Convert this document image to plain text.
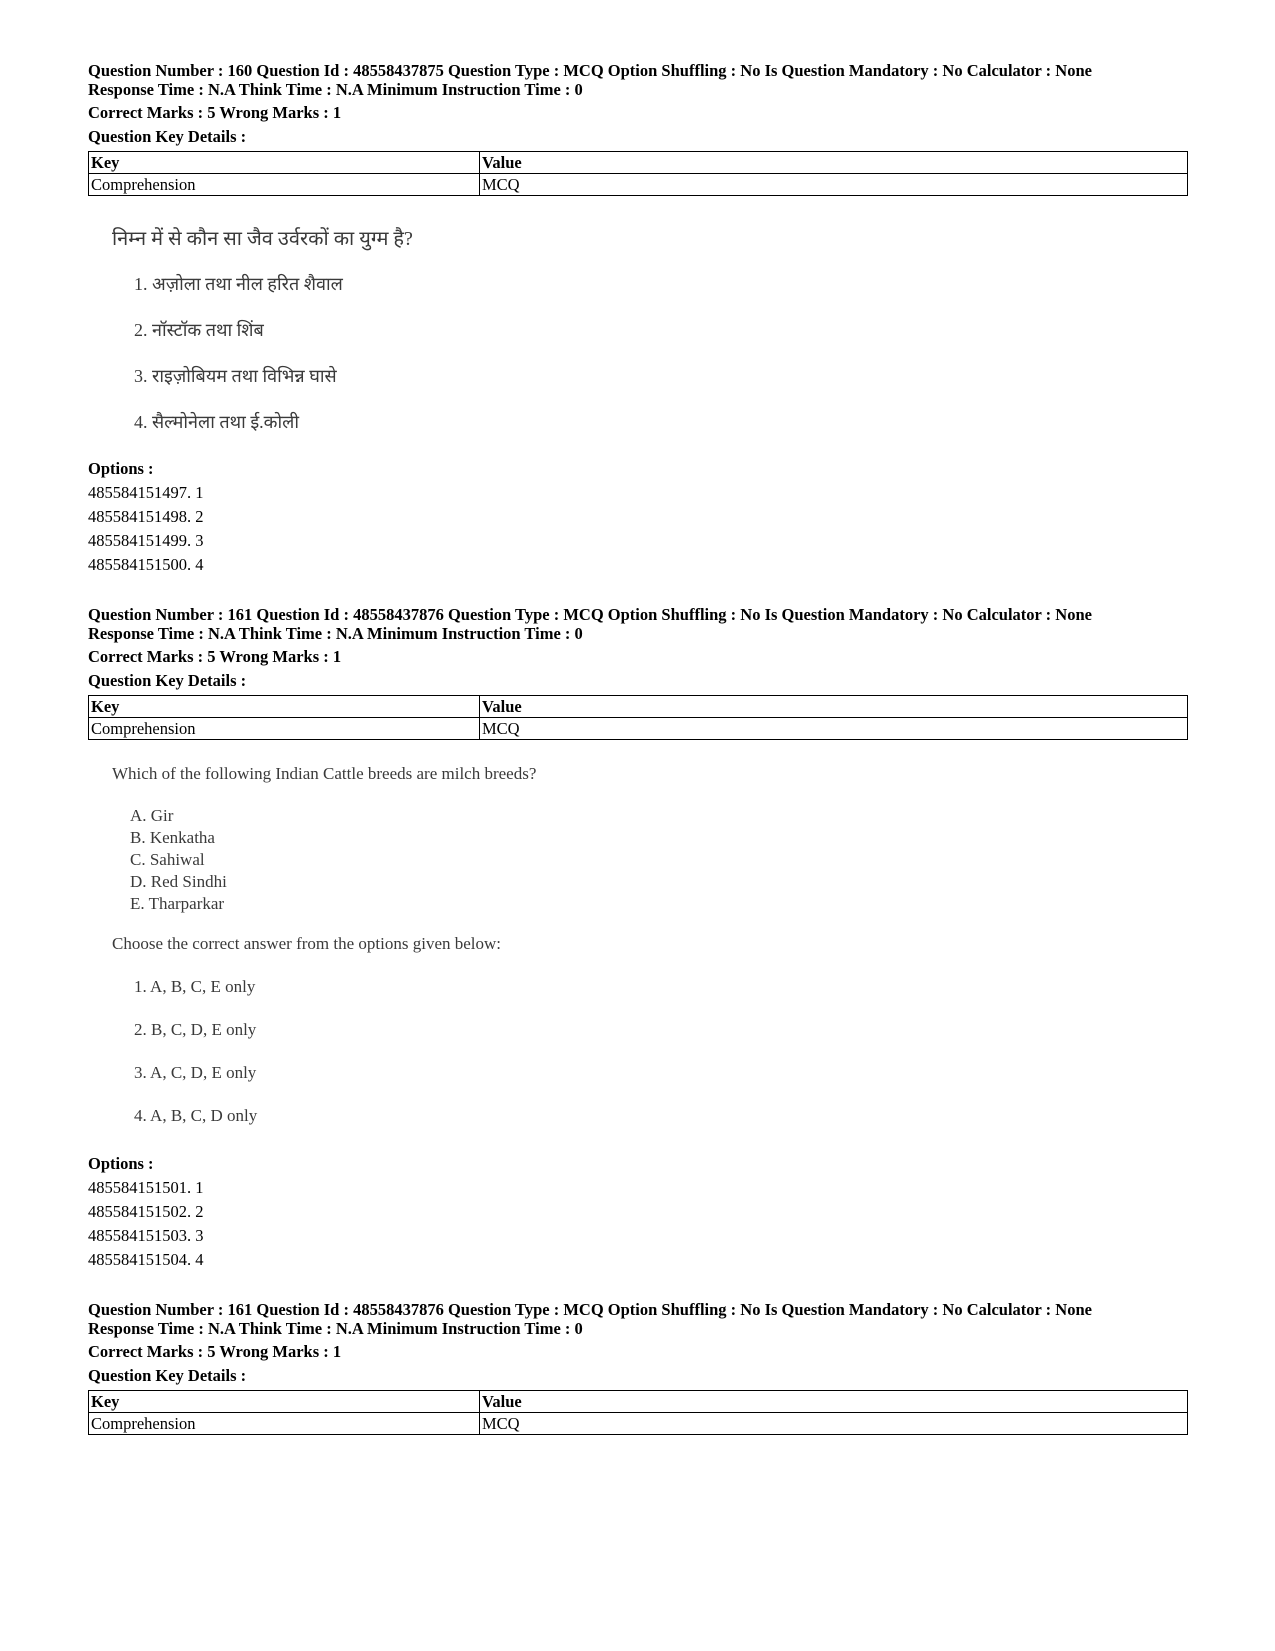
Question Number : 160 Question Id : 48558437875 Question Type : MCQ Option Shuffling : No Is Question Mandatory : No Calculator : None

Response Time : N.A Think Time : N.A Minimum Instruction Time : 0

Correct Marks : 5 Wrong Marks : 1
Question Key Details :
Key	Value
Comprehension	MCQ
निम्न में से कौन सा जैव उर्वरकों का युग्म है?
1. अज़ोला तथा नील हरित शैवाल
2. नॉस्टॉक तथा शिंब
3. राइज़ोबियम तथा विभिन्न घासे
4. सैल्मोनेला तथा ई.कोली
Options :
485584151497. 1
485584151498. 2
485584151499. 3
485584151500. 4

Question Number : 161 Question Id : 48558437876 Question Type : MCQ Option Shuffling : No Is Question Mandatory : No Calculator : None

Response Time : N.A Think Time : N.A Minimum Instruction Time : 0

Correct Marks : 5 Wrong Marks : 1
Question Key Details :
Key	Value
Comprehension	MCQ
Which of the following Indian Cattle breeds are milch breeds?
A. Gir
B. Kenkatha
C. Sahiwal
D. Red Sindhi
E. Tharparkar
Choose the correct answer from the options given below:
1. A, B, C, E only
2. B, C, D, E only
3. A, C, D, E only
4. A, B, C, D only
Options :
485584151501. 1
485584151502. 2
485584151503. 3
485584151504. 4

Question Number : 161 Question Id : 48558437876 Question Type : MCQ Option Shuffling : No Is Question Mandatory : No Calculator : None

Response Time : N.A Think Time : N.A Minimum Instruction Time : 0

Correct Marks : 5 Wrong Marks : 1
Question Key Details :
Key	Value
Comprehension	MCQ
